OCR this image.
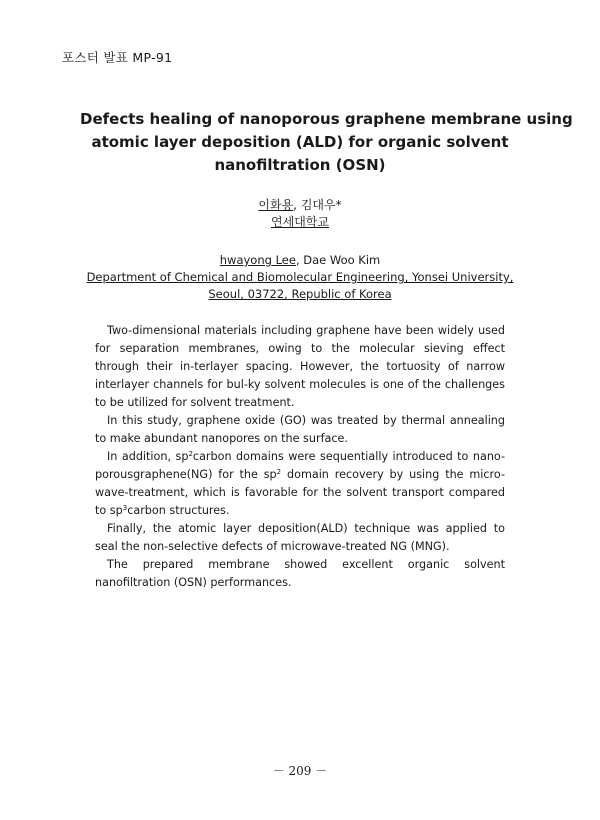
포스터 발표 MP-91
Defects healing of nanoporous graphene membrane using
atomic layer deposition (ALD) for organic solvent
nanofiltration (OSN)
이화용, 김대우*
연세대학교
hwayong Lee, Dae Woo Kim
Department of Chemical and Biomolecular Engineering, Yonsei University,
Seoul, 03722, Republic of Korea

Two-dimensional materials including graphene have been widely used for separation membranes, owing to the molecular sieving effect through their in-terlayer spacing. However, the tortuosity of narrow interlayer channels for bul-ky solvent molecules is one of the challenges to be utilized for solvent treatment.

In this study, graphene oxide (GO) was treated by thermal annealing to make abundant nanopores on the surface.

In addition, $sp^2carbon$ domains were sequentially introduced to nano-porousgraphene(NG) for the $sp^2$ domain recovery by using the micro-wave-treatment, which is favorable for the solvent transport compared to $sp^3carbon$ structures.

Finally, the atomic layer deposition(ALD) technique was applied to seal the non-selective defects of microwave-treated NG (MNG).

The prepared membrane showed excellent organic solvent nanofiltration (OSN) performances.

－ 209 －
